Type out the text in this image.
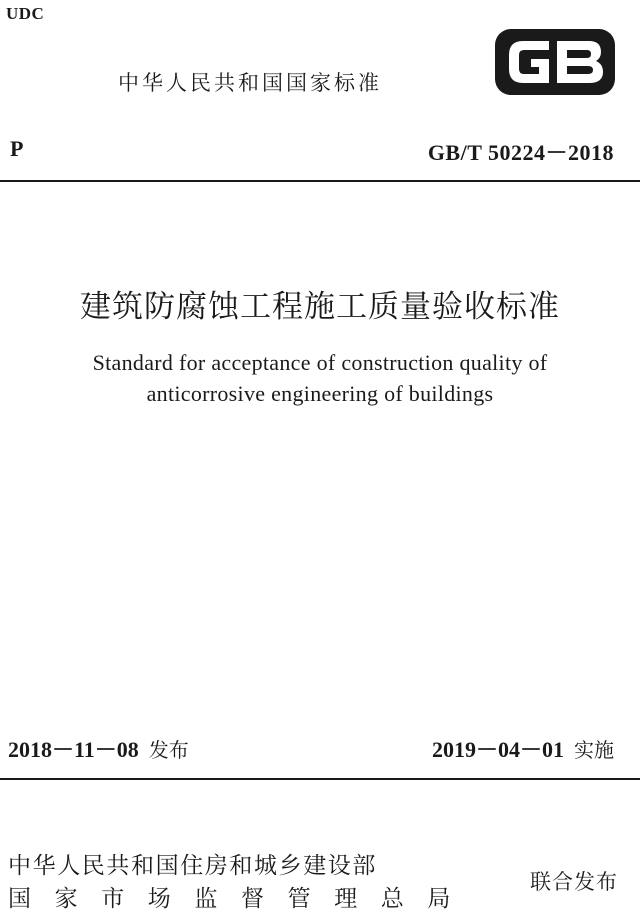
UDC
中华人民共和国国家标准
GB
P	GB/T 50224－2018
建筑防腐蚀工程施工质量验收标准
Standard for acceptance of construction quality of
anticorrosive engineering of buildings
2018－11－08 发布	2019－04－01 实施
中华人民共和国住房和城乡建设部
国家市场监督管理总局
联合发布
